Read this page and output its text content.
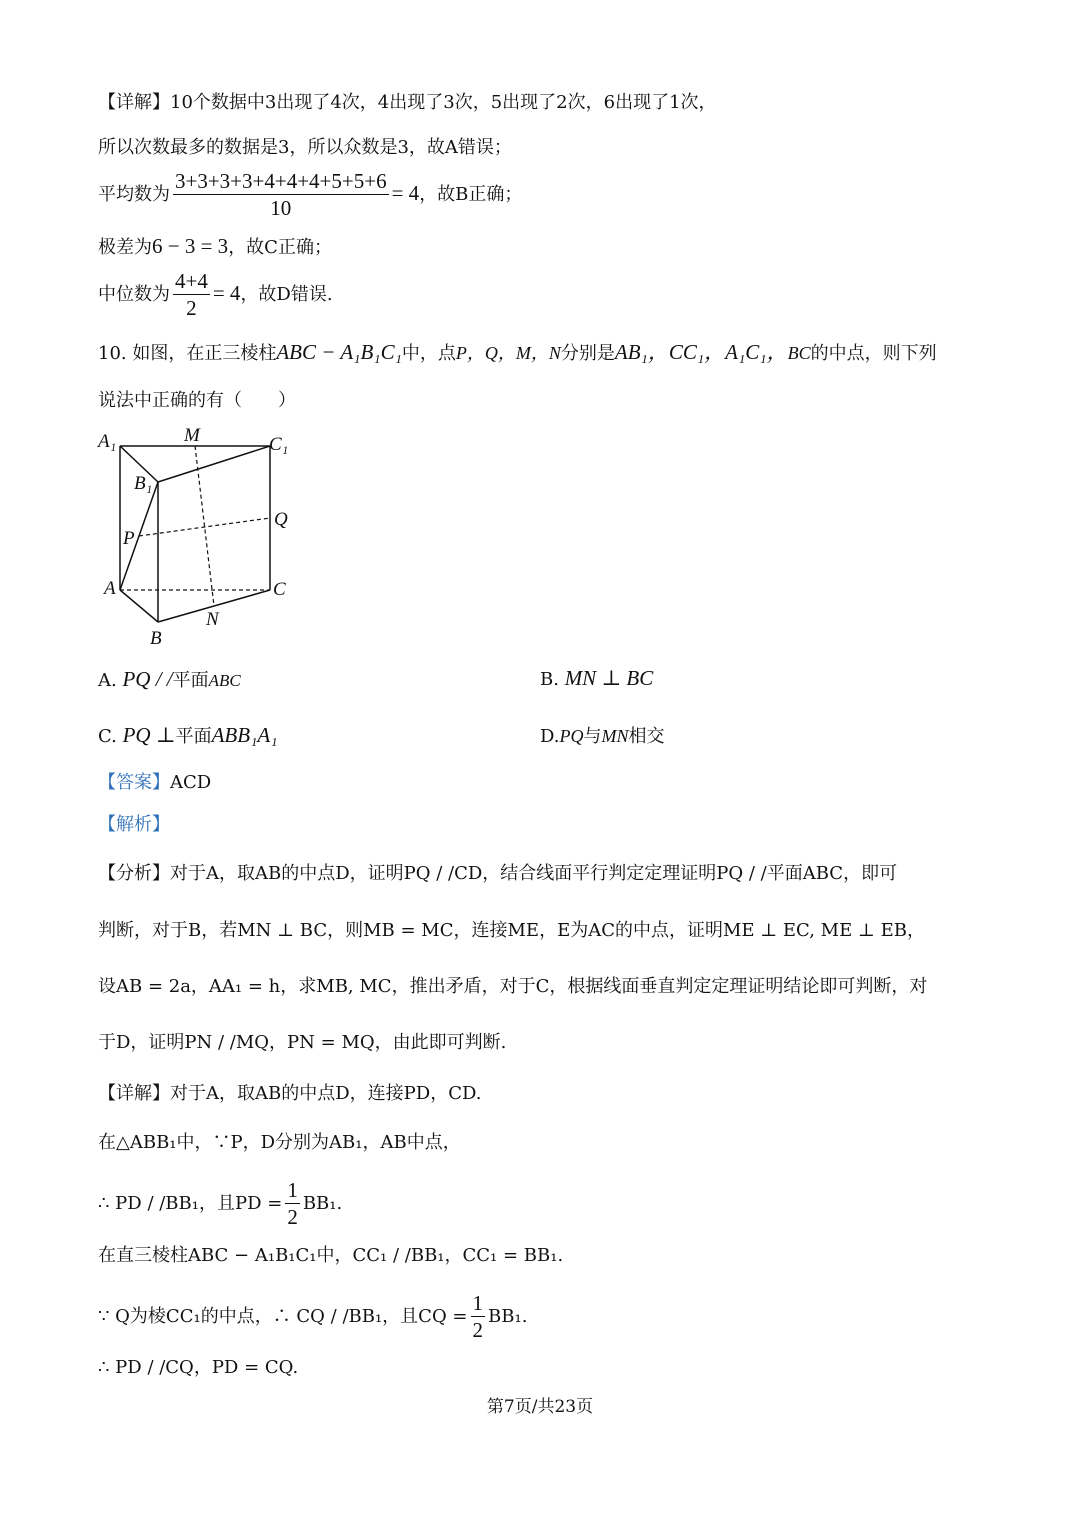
【详解】10个数据中3出现了4次，4出现了3次，5出现了2次，6出现了1次，
所以次数最多的数据是3，所以众数是3，故A错误；
平均数为 $\frac{3+3+3+3+4+4+4+5+5+6}{10} = 4$，故B正确；
极差为6 − 3 = 3，故C正确；
中位数为 $\frac{4+4}{2} = 4$，故D错误.
10. 如图，在正三棱柱ABC − A₁B₁C₁中，点P，Q，M，N分别是AB₁，CC₁，A₁C₁，BC的中点，则下列
说法中正确的有（　　）
A₁	M	C₁
B₁
Q
P
A	C
N
B
A. PQ / /平面ABC	B. MN ⊥ BC
C. PQ ⊥平面ABB₁A₁	D.PQ与MN相交
【答案】ACD
【解析】
【分析】对于A，取AB的中点D，证明PQ / /CD，结合线面平行判定定理证明PQ / /平面ABC，即可
判断，对于B，若MN ⊥ BC，则MB = MC，连接ME，E为AC的中点，证明ME ⊥ EC, ME ⊥ EB，
设AB = 2a，AA₁ = h，求MB, MC，推出矛盾，对于C，根据线面垂直判定定理证明结论即可判断，对
于D，证明PN / /MQ，PN = MQ，由此即可判断.
【详解】对于A，取AB的中点D，连接PD，CD.
在△ABB₁中，∵P，D分别为AB₁，AB中点，
∴ PD / /BB₁，且PD = $\frac{1}{2} BB_1$.
在直三棱柱ABC − A₁B₁C₁中，CC₁ / /BB₁，CC₁ = BB₁.
∵ Q为棱CC₁的中点，∴ CQ / /BB₁，且CQ = $\frac{1}{2} BB_1$.
∴ PD / /CQ，PD = CQ.
第7页/共23页
